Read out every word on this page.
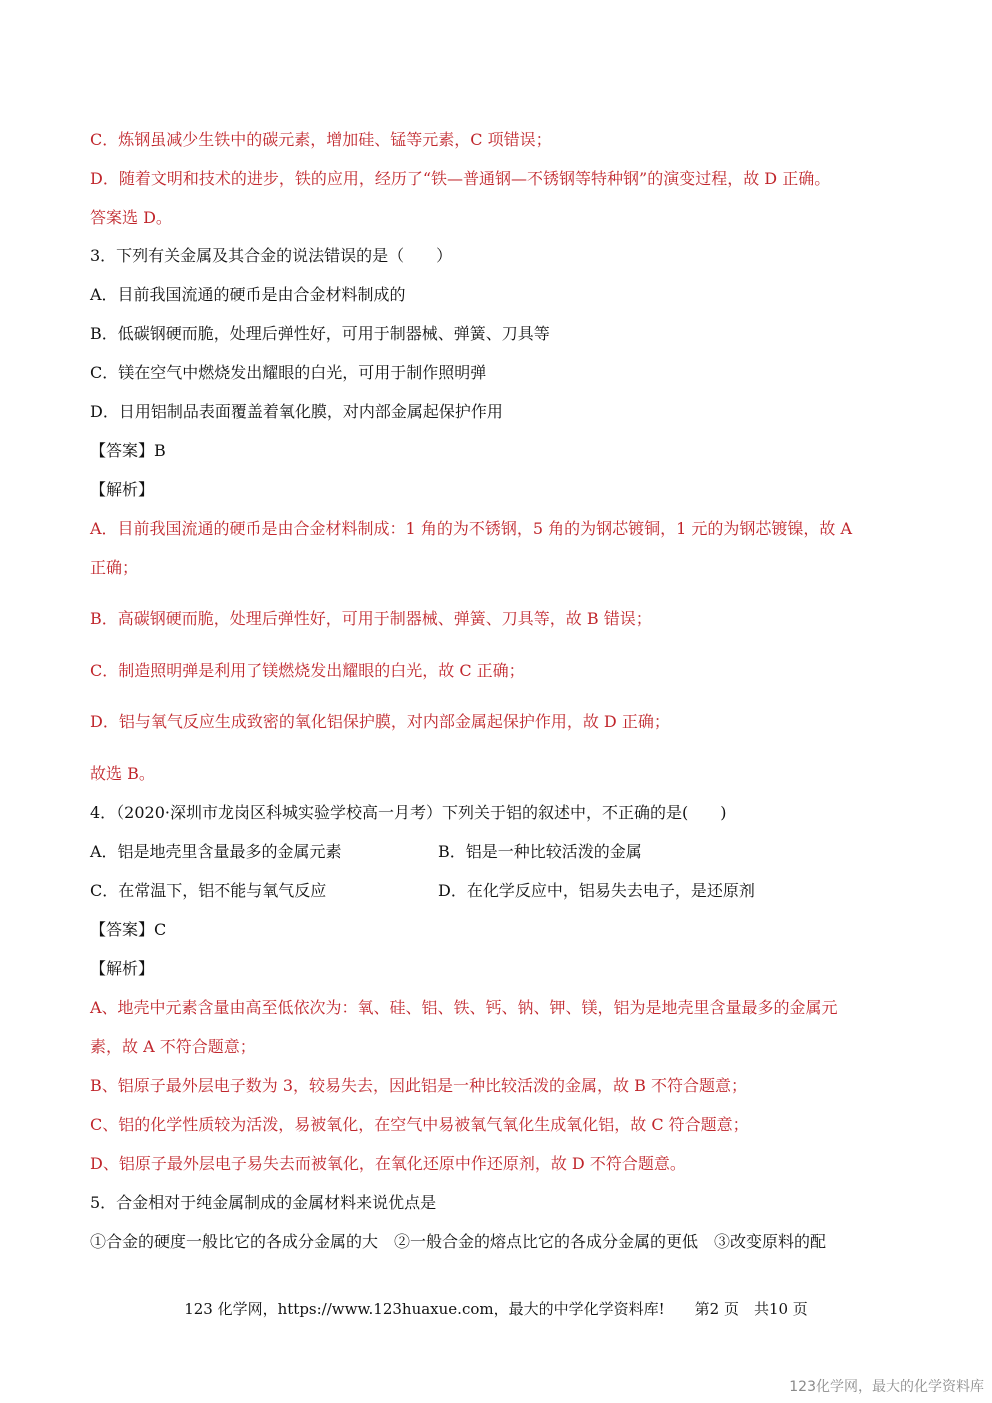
C．炼钢虽减少生铁中的碳元素，增加硅、锰等元素，C 项错误；
D．随着文明和技术的进步，铁的应用，经历了“铁—普通钢—不锈钢等特种钢”的演变过程，故 D 正确。
答案选 D。
3．下列有关金属及其合金的说法错误的是（　　）
A．目前我国流通的硬币是由合金材料制成的
B．低碳钢硬而脆，处理后弹性好，可用于制器械、弹簧、刀具等
C．镁在空气中燃烧发出耀眼的白光，可用于制作照明弹
D．日用铝制品表面覆盖着氧化膜，对内部金属起保护作用
【答案】B
【解析】
A．目前我国流通的硬币是由合金材料制成：1 角的为不锈钢，5 角的为钢芯镀铜，1 元的为钢芯镀镍，故 A
正确；
B．高碳钢硬而脆，处理后弹性好，可用于制器械、弹簧、刀具等，故 B 错误；
C．制造照明弹是利用了镁燃烧发出耀眼的白光，故 C 正确；
D．铝与氧气反应生成致密的氧化铝保护膜，对内部金属起保护作用，故 D 正确；
故选 B。
4．（2020·深圳市龙岗区科城实验学校高一月考）下列关于铝的叙述中，不正确的是(　　)
A．铝是地壳里含量最多的金属元素	B．铝是一种比较活泼的金属
C．在常温下，铝不能与氧气反应	D．在化学反应中，铝易失去电子，是还原剂
【答案】C
【解析】
A、地壳中元素含量由高至低依次为：氧、硅、铝、铁、钙、钠、钾、镁，铝为是地壳里含量最多的金属元
素，故 A 不符合题意；
B、铝原子最外层电子数为 3，较易失去，因此铝是一种比较活泼的金属，故 B 不符合题意；
C、铝的化学性质较为活泼，易被氧化，在空气中易被氧气氧化生成氧化铝，故 C 符合题意；
D、铝原子最外层电子易失去而被氧化，在氧化还原中作还原剂，故 D 不符合题意。
5．合金相对于纯金属制成的金属材料来说优点是
①合金的硬度一般比它的各成分金属的大　②一般合金的熔点比它的各成分金属的更低　③改变原料的配
123 化学网，https://www.123huaxue.com，最大的中学化学资料库!　　第2 页　共10 页
123化学网，最大的化学资料库
